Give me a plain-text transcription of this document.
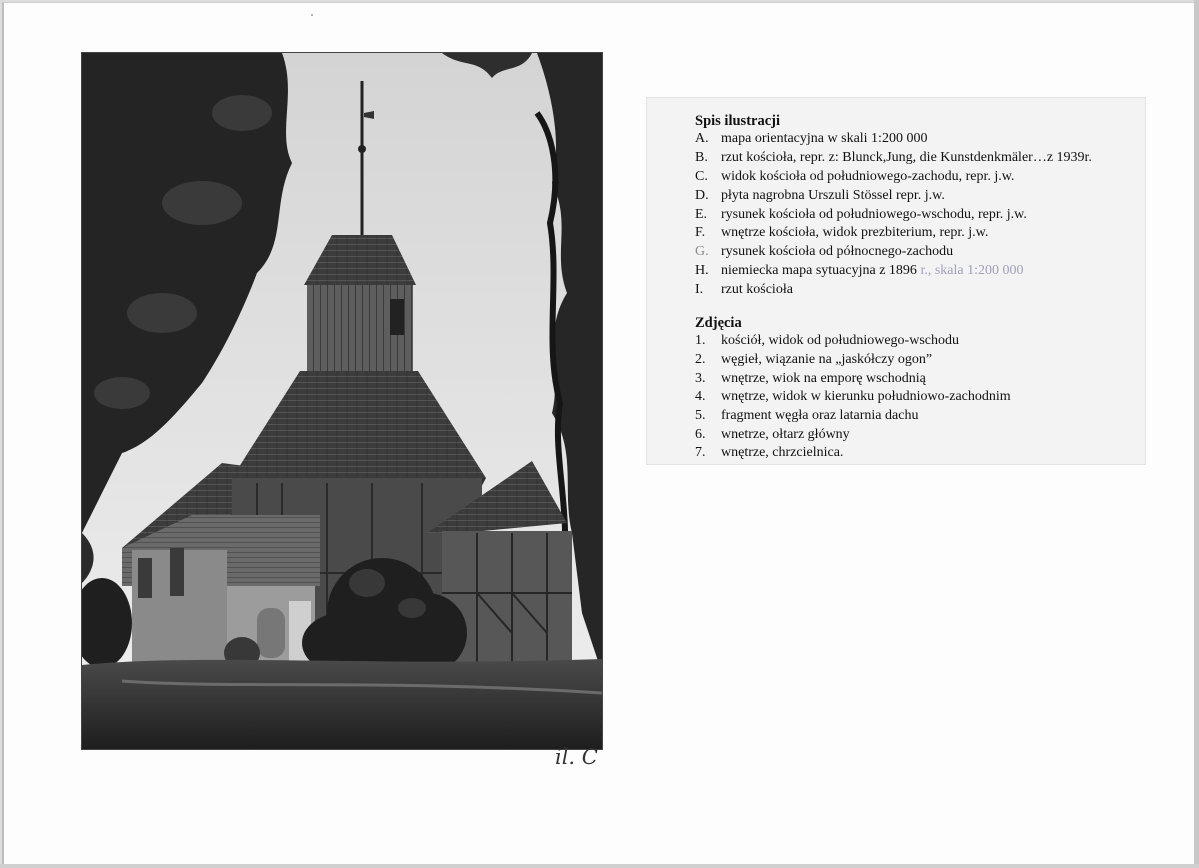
il. C
Spis ilustracji
A. mapa orientacyjna w skali 1:200 000
B. rzut kościoła, repr. z: Blunck,Jung, die Kunstdenkmäler…z 1939r.
C. widok kościoła od południowego-zachodu, repr. j.w.
D. płyta nagrobna Urszuli Stössel repr. j.w.
E. rysunek kościoła od południowego-wschodu, repr. j.w.
F. wnętrze kościoła, widok prezbiterium, repr. j.w.
G. rysunek kościoła od północnego-zachodu
H. niemiecka mapa sytuacyjna z 1896 r., skala 1:200 000
I. rzut kościoła
Zdjęcia
1. kościół, widok od południowego-wschodu
2. węgieł, wiązanie na „jaskółczy ogon”
3. wnętrze, wiok na emporę wschodnią
4. wnętrze, widok w kierunku południowo-zachodnim
5. fragment węgła oraz latarnia dachu
6. wnetrze, ołtarz główny
7. wnętrze, chrzcielnica.
